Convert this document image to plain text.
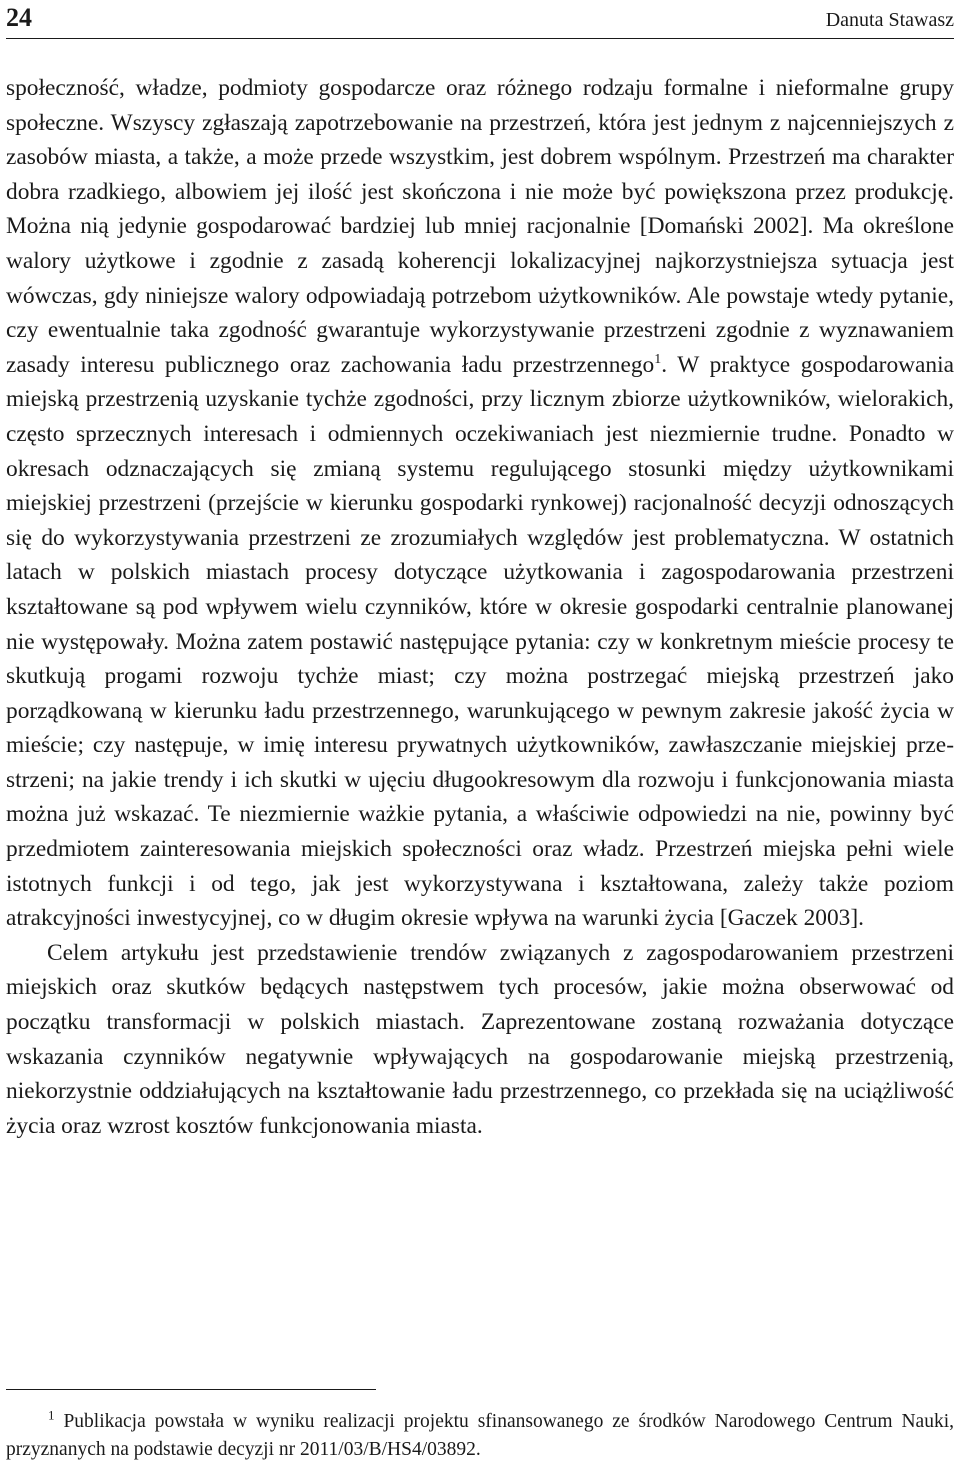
24	Danuta Stawasz

społeczność, władze, podmioty gospodarcze oraz różnego rodzaju formalne i nieformalne grupy społeczne. Wszyscy zgłaszają zapotrzebowanie na przestrzeń, która jest jednym z najcenniejszych z zasobów miasta, a także, a może przede wszystkim, jest dobrem wspólnym. Przestrzeń ma charakter dobra rzadkiego, albowiem jej ilość jest skończona i nie może być powiększona przez produkcję. Można nią jedynie gospodarować bardziej lub mniej racjonalnie [Domański 2002]. Ma określone walory użytkowe i zgodnie z zasadą koherencji lokalizacyjnej najkorzystniejsza sytuacja jest wówczas, gdy niniejsze walory odpowiadają potrzebom użytkowników. Ale powstaje wtedy pytanie, czy ewentualnie taka zgodność gwarantuje wykorzystywanie przestrzeni zgodnie z wyznawaniem zasady interesu publicznego oraz zachowania ładu przestrzennego$^1$. W praktyce gospodarowania miejską przestrzenią uzyskanie tychże zgodności, przy licznym zbiorze użytkowników, wielorakich, często sprzecznych interesach i odmiennych oczekiwaniach jest niezmiernie trudne. Ponadto w okresach odznaczających się zmianą systemu regulującego stosunki między użytkownikami miejskiej przestrzeni (przejście w kierunku gospodarki rynkowej) racjonalność decyzji odnoszących się do wykorzystywania przestrzeni ze zrozumiałych względów jest problematyczna. W ostatnich latach w polskich miastach procesy dotyczące użytkowania i zagospodarowania przestrzeni kształtowane są pod wpływem wielu czynników, które w okresie gospodarki centralnie planowanej nie występowały. Można zatem postawić następujące pytania: czy w konkretnym mieście procesy te skutkują progami rozwoju tychże miast; czy można postrzegać miejską przestrzeń jako porządkowaną w kierunku ładu przestrzennego, warunkującego w pewnym zakresie jakość życia w mieście; czy następuje, w imię interesu prywatnych użytkowników, zawłaszczanie miejskiej przestrzeni; na jakie trendy i ich skutki w ujęciu długookresowym dla rozwoju i funkcjonowania miasta można już wskazać. Te niezmiernie ważkie pytania, a właściwie odpowiedzi na nie, powinny być przedmiotem zainteresowania miejskich społeczności oraz władz. Przestrzeń miejska pełni wiele istotnych funkcji i od tego, jak jest wykorzystywana i kształtowana, zależy także poziom atrakcyjności inwestycyjnej, co w długim okresie wpływa na warunki życia [Gaczek 2003].

Celem artykułu jest przedstawienie trendów związanych z zagospodarowaniem przestrzeni miejskich oraz skutków będących następstwem tych procesów, jakie można obserwować od początku transformacji w polskich miastach. Zaprezentowane zostaną rozważania dotyczące wskazania czynników negatywnie wpływających na gospodarowanie miejską przestrzenią, niekorzystnie oddziałujących na kształtowanie ładu przestrzennego, co przekłada się na uciążliwość życia oraz wzrost kosztów funkcjonowania miasta.

$^1$ Publikacja powstała w wyniku realizacji projektu sfinansowanego ze środków Narodowego Centrum Nauki, przyznanych na podstawie decyzji nr 2011/03/B/HS4/03892.
